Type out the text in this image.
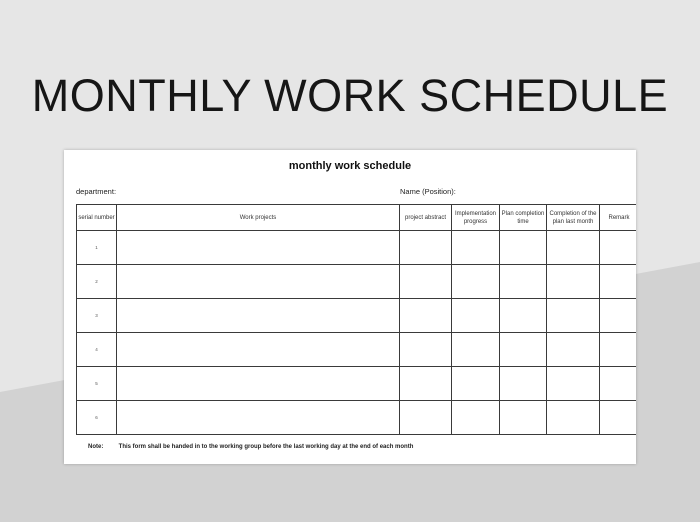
MONTHLY WORK SCHEDULE
monthly work schedule
department:	Name (Position):
serial number	Work projects	project abstract	Implementation progress	Plan completion time	Completion of the plan last month	Remark
1						
2						
3						
4						
5						
6						
Note:	This form shall be handed in to the working group before the last working day at the end of each month
